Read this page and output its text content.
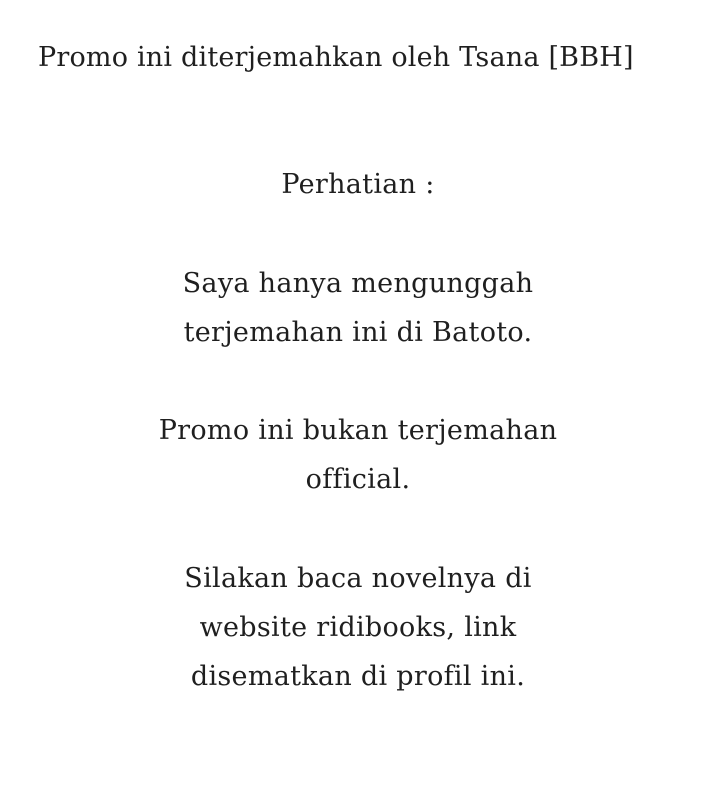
Promo ini diterjemahkan oleh Tsana [BBH]
Perhatian :

Saya hanya mengunggah

terjemahan ini di Batoto.

Promo ini bukan terjemahan

official.

Silakan baca novelnya di

website ridibooks, link

disematkan di profil ini.
